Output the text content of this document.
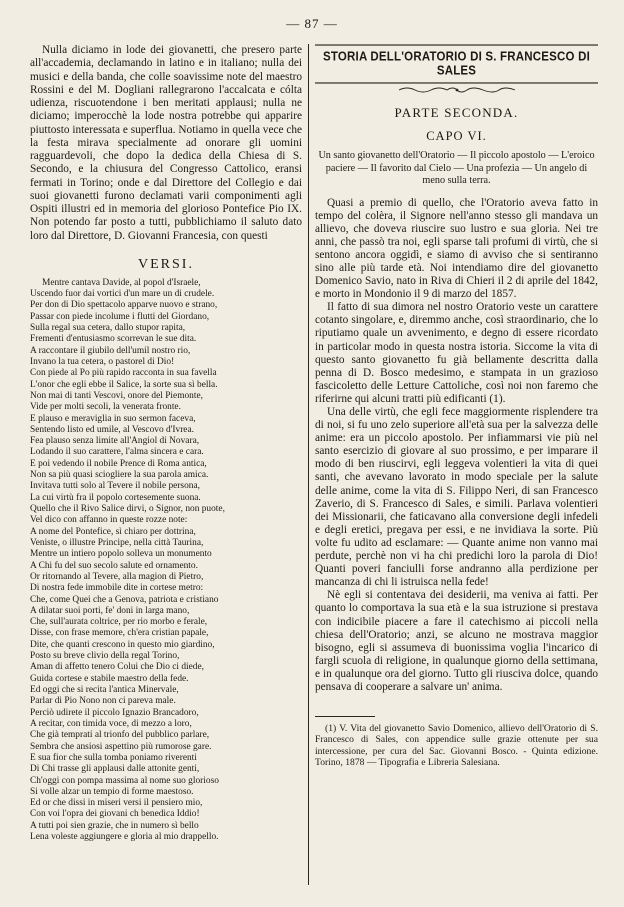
— 87 —

Nulla diciamo in lode dei giovanetti, che presero parte all'accademia, declamando in latino e in italiano; nulla dei musici e della banda, che colle soavissime note del maestro Rossini e del M. Dogliani rallegrarono l'accalcata e cólta udienza, riscuotendone i ben meritati applausi; nulla ne diciamo; imperocchè la lode nostra potrebbe qui apparire piuttosto interessata e superflua. Notiamo in quella vece che la festa mirava specialmente ad onorare gli uomini ragguardevoli, che dopo la dedica della Chiesa di S. Secondo, e la chiusura del Congresso Cattolico, eransi fermati in Torino; onde e dal Direttore del Collegio e dai suoi giovanetti furono declamati varii componimenti agli Ospiti illustri ed in memoria del glorioso Pontefice Pio IX. Non potendo far posto a tutti, pubblichiamo il saluto dato loro dal Direttore, D. Giovanni Francesia, con questi

VERSI.
Mentre cantava Davide, al popol d'Israele,
Uscendo fuor dai vortici d'un mare un di crudele.
Per don di Dio spettacolo apparve nuovo e strano,
Passar con piede incolume i flutti del Giordano,
Sulla regal sua cetera, dallo stupor rapita,
Frementi d'entusiasmo scorrevan le sue dita.
A raccontare il giubilo dell'umil nostro rio,
Invano la tua cetera, o pastorel di Dio!
Con piede al Po più rapido racconta in sua favella
L'onor che egli ebbe il Salice, la sorte sua sì bella.
Non mai di tanti Vescovi, onore del Piemonte,
Vide per molti secoli, la venerata fronte.
E plauso e meraviglia in suo sermon faceva,
Sentendo listo ed umile, al Vescovo d'Ivrea.
Fea plauso senza limite all'Angiol di Novara,
Lodando il suo carattere, l'alma sincera e cara.
E poi vedendo il nobile Prence di Roma antica,
Non sa più quasi sciogliere la sua parola amica.
Invitava tutti solo al Tevere il nobile persona,
La cui virtù fra il popolo cortesemente suona.
Quello che il Rivo Salice dirvi, o Signor, non puote,
Vel dico con affanno in queste rozze note:
A nome del Pontefice, sì chiaro per dottrina,
Veniste, o illustre Principe, nella città Taurina,
Mentre un intiero popolo solleva un monumento
A Chi fu del suo secolo salute ed ornamento.
Or ritornando al Tevere, alla magion di Pietro,
Di nostra fede immobile dite in cortese metro:
Che, come Quei che a Genova, patriota e cristiano
A dilatar suoi porti, fe' doni in larga mano,
Che, sull'aurata coltrice, per rio morbo e ferale,
Disse, con frase memore, ch'era cristian papale,
Dite, che quanti crescono in questo mio giardino,
Posto su breve clivio della regal Torino,
Aman di affetto tenero Colui che Dio ci diede,
Guida cortese e stabile maestro della fede.
Ed oggi che si recita l'antica Minervale,
Parlar di Pio Nono non ci pareva male.
Perciò udirete il piccolo Ignazio Brancadoro,
A recitar, con timida voce, di mezzo a loro,
Che già tempratí al trionfo del pubblico parlare,
Sembra che ansiosi aspettino più rumorose gare.
È sua fior che sulla tomba poniamo riverenti
Di Chi trasse gli applausi dalle attonite genti,
Ch'oggi con pompa massima al nome suo glorioso
Si volle alzar un tempio di forme maestoso.
Ed or che dissi in miseri versi il pensiero mio,
Con voi l'opra dei giovani ch benedica Iddio!
A tutti poi sien grazie, che in numero sì bello
Lena voleste aggiungere e gloria al mio drappello.
STORIA DELL'ORATORIO DI S. FRANCESCO DI SALES
PARTE SECONDA.
CAPO VI.

Un santo giovanetto dell'Oratorio — Il piccolo apostolo — L'eroico paciere — Il favorito dal Cielo — Una profezia — Un angelo di meno sulla terra.

Quasi a premio di quello, che l'Oratorio aveva fatto in tempo del colèra, il Signore nell'anno stesso gli mandava un allievo, che doveva riuscire suo lustro e sua gloria. Nei tre anni, che passò tra noi, egli sparse tali profumi di virtù, che si sentono ancora oggidì, e siamo di avviso che si sentiranno sino alle più tarde età. Noi intendiamo dire del giovanetto Domenico Savio, nato in Riva di Chieri il 2 di aprile del 1842, e morto in Mondonio il 9 di marzo del 1857.

Il fatto di sua dimora nel nostro Oratorio veste un carattere cotanto singolare, e, diremmo anche, così straordinario, che lo riputiamo quale un avvenimento, e degno di essere ricordato in particolar modo in questa nostra istoria. Siccome la vita di questo santo giovanetto fu già bellamente descritta dalla penna di D. Bosco medesimo, e stampata in un grazioso fascicoletto delle Letture Cattoliche, così noi non faremo che riferirne qui alcuni tratti più edificanti (1).

Una delle virtù, che egli fece maggiormente risplendere tra di noi, si fu uno zelo superiore all'età sua per la salvezza delle anime: era un piccolo apostolo. Per infiammarsi vie più nel santo esercizio di giovare al suo prossimo, e per imparare il modo di ben riuscirvi, egli leggeva volentieri la vita di quei santi, che avevano lavorato in modo speciale per la salute delle anime, come la vita di S. Filippo Neri, di san Francesco Zaverio, di S. Francesco di Sales, e simili. Parlava volentieri dei Missionarii, che faticavano alla conversione degli infedeli e degli eretici, pregava per essi, e ne invidiava la sorte. Più volte fu udito ad esclamare: — Quante anime non vanno mai perdute, perchè non vi ha chi predichi loro la parola di Dio! Quanti poveri fanciulli forse andranno alla perdizione per mancanza di chi li istruisca nella fede!

Nè egli si contentava dei desiderii, ma veniva ai fatti. Per quanto lo comportava la sua età e la sua istruzione si prestava con indicibile piacere a fare il catechismo ai piccoli nella chiesa dell'Oratorio; anzi, se alcuno ne mostrava maggior bisogno, egli si assumeva di buonissima voglia l'incarico di fargli scuola di religione, in qualunque giorno della settimana, e in qualunque ora del giorno. Tutto gli riusciva dolce, quando pensava di cooperare a salvare un' anima.

(1) V. Vita del giovanetto Savio Domenico, allievo dell'Oratorio di S. Francesco di Sales, con appendice sulle grazie ottenute per sua intercessione, per cura del Sac. Giovanni Bosco. - Quinta edizione. Torino, 1878 — Tipografia e Libreria Salesiana.
